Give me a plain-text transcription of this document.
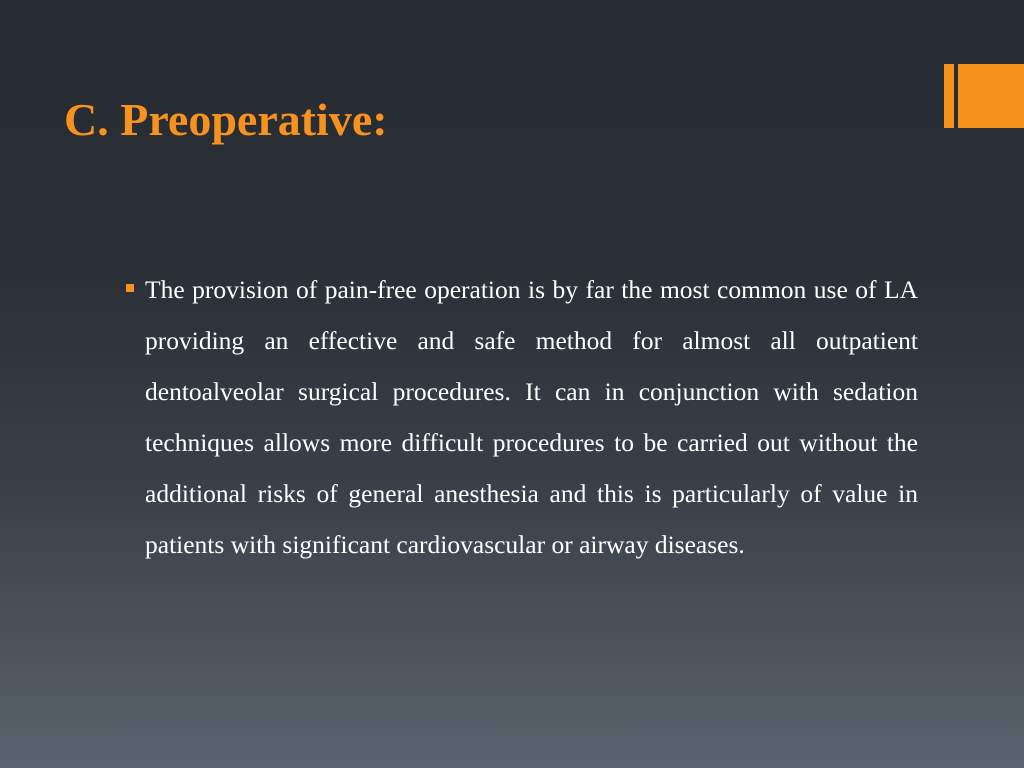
C. Preoperative:

The provision of pain-free operation is by far the most common use of LA providing an effective and safe method for almost all outpatient dentoalveolar surgical procedures. It can in conjunction with sedation techniques allows more difficult procedures to be carried out without the additional risks of general anesthesia and this is particularly of value in patients with significant cardiovascular or airway diseases.
